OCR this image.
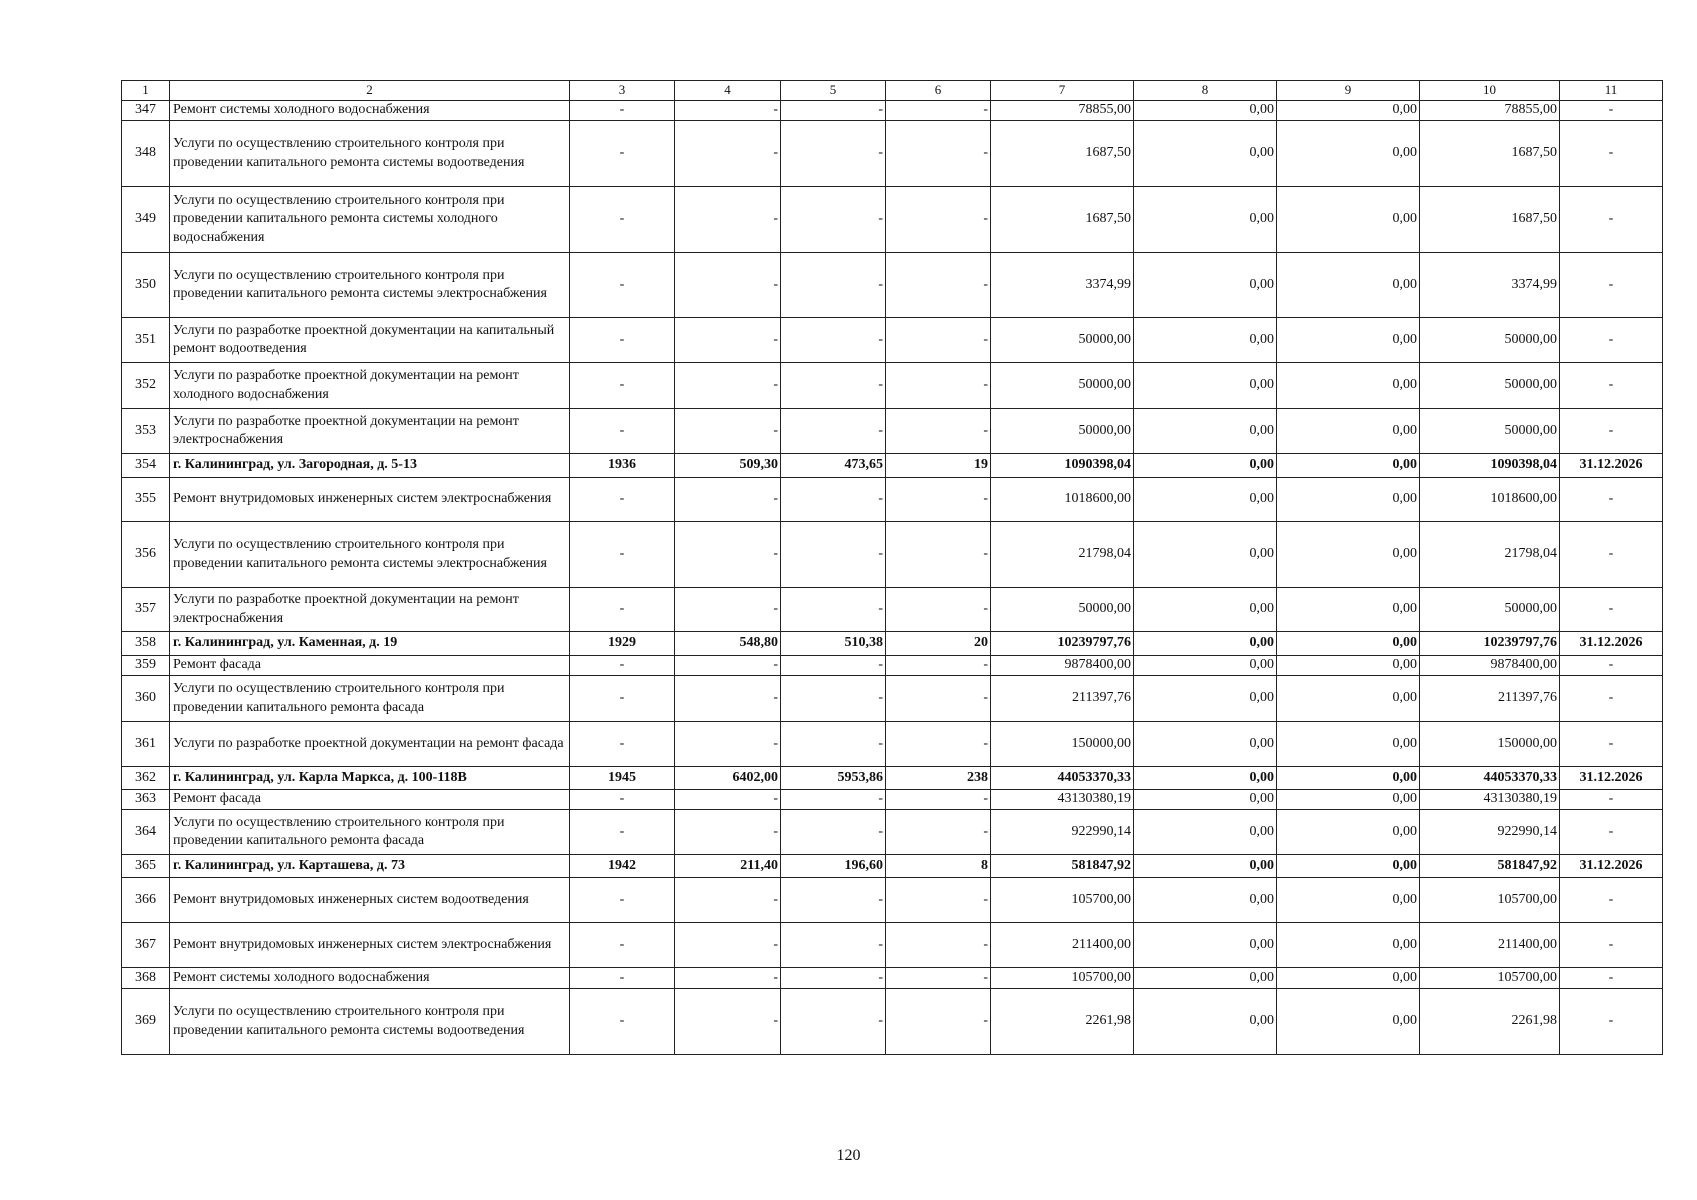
1	2	3	4	5	6	7	8	9	10	11
347	Ремонт системы холодного водоснабжения	-	-	-	-	78855,00	0,00	0,00	78855,00	-
348	Услуги по осуществлению строительного контроля при проведении капитального ремонта системы водоотведения	-	-	-	-	1687,50	0,00	0,00	1687,50	-
349	Услуги по осуществлению строительного контроля при проведении капитального ремонта системы холодного водоснабжения	-	-	-	-	1687,50	0,00	0,00	1687,50	-
350	Услуги по осуществлению строительного контроля при проведении капитального ремонта системы электроснабжения	-	-	-	-	3374,99	0,00	0,00	3374,99	-
351	Услуги по разработке проектной документации на капитальный ремонт водоотведения	-	-	-	-	50000,00	0,00	0,00	50000,00	-
352	Услуги по разработке проектной документации на ремонт холодного водоснабжения	-	-	-	-	50000,00	0,00	0,00	50000,00	-
353	Услуги по разработке проектной документации на ремонт электроснабжения	-	-	-	-	50000,00	0,00	0,00	50000,00	-
354	г. Калининград, ул. Загородная, д. 5-13	1936	509,30	473,65	19	1090398,04	0,00	0,00	1090398,04	31.12.2026
355	Ремонт внутридомовых инженерных систем электроснабжения	-	-	-	-	1018600,00	0,00	0,00	1018600,00	-
356	Услуги по осуществлению строительного контроля при проведении капитального ремонта системы электроснабжения	-	-	-	-	21798,04	0,00	0,00	21798,04	-
357	Услуги по разработке проектной документации на ремонт электроснабжения	-	-	-	-	50000,00	0,00	0,00	50000,00	-
358	г. Калининград, ул. Каменная, д. 19	1929	548,80	510,38	20	10239797,76	0,00	0,00	10239797,76	31.12.2026
359	Ремонт фасада	-	-	-	-	9878400,00	0,00	0,00	9878400,00	-
360	Услуги по осуществлению строительного контроля при проведении капитального ремонта фасада	-	-	-	-	211397,76	0,00	0,00	211397,76	-
361	Услуги по разработке проектной документации на ремонт фасада	-	-	-	-	150000,00	0,00	0,00	150000,00	-
362	г. Калининград, ул. Карла Маркса, д. 100-118В	1945	6402,00	5953,86	238	44053370,33	0,00	0,00	44053370,33	31.12.2026
363	Ремонт фасада	-	-	-	-	43130380,19	0,00	0,00	43130380,19	-
364	Услуги по осуществлению строительного контроля при проведении капитального ремонта фасада	-	-	-	-	922990,14	0,00	0,00	922990,14	-
365	г. Калининград, ул. Карташева, д. 73	1942	211,40	196,60	8	581847,92	0,00	0,00	581847,92	31.12.2026
366	Ремонт внутридомовых инженерных систем водоотведения	-	-	-	-	105700,00	0,00	0,00	105700,00	-
367	Ремонт внутридомовых инженерных систем электроснабжения	-	-	-	-	211400,00	0,00	0,00	211400,00	-
368	Ремонт системы холодного водоснабжения	-	-	-	-	105700,00	0,00	0,00	105700,00	-
369	Услуги по осуществлению строительного контроля при проведении капитального ремонта системы водоотведения	-	-	-	-	2261,98	0,00	0,00	2261,98	-
120
